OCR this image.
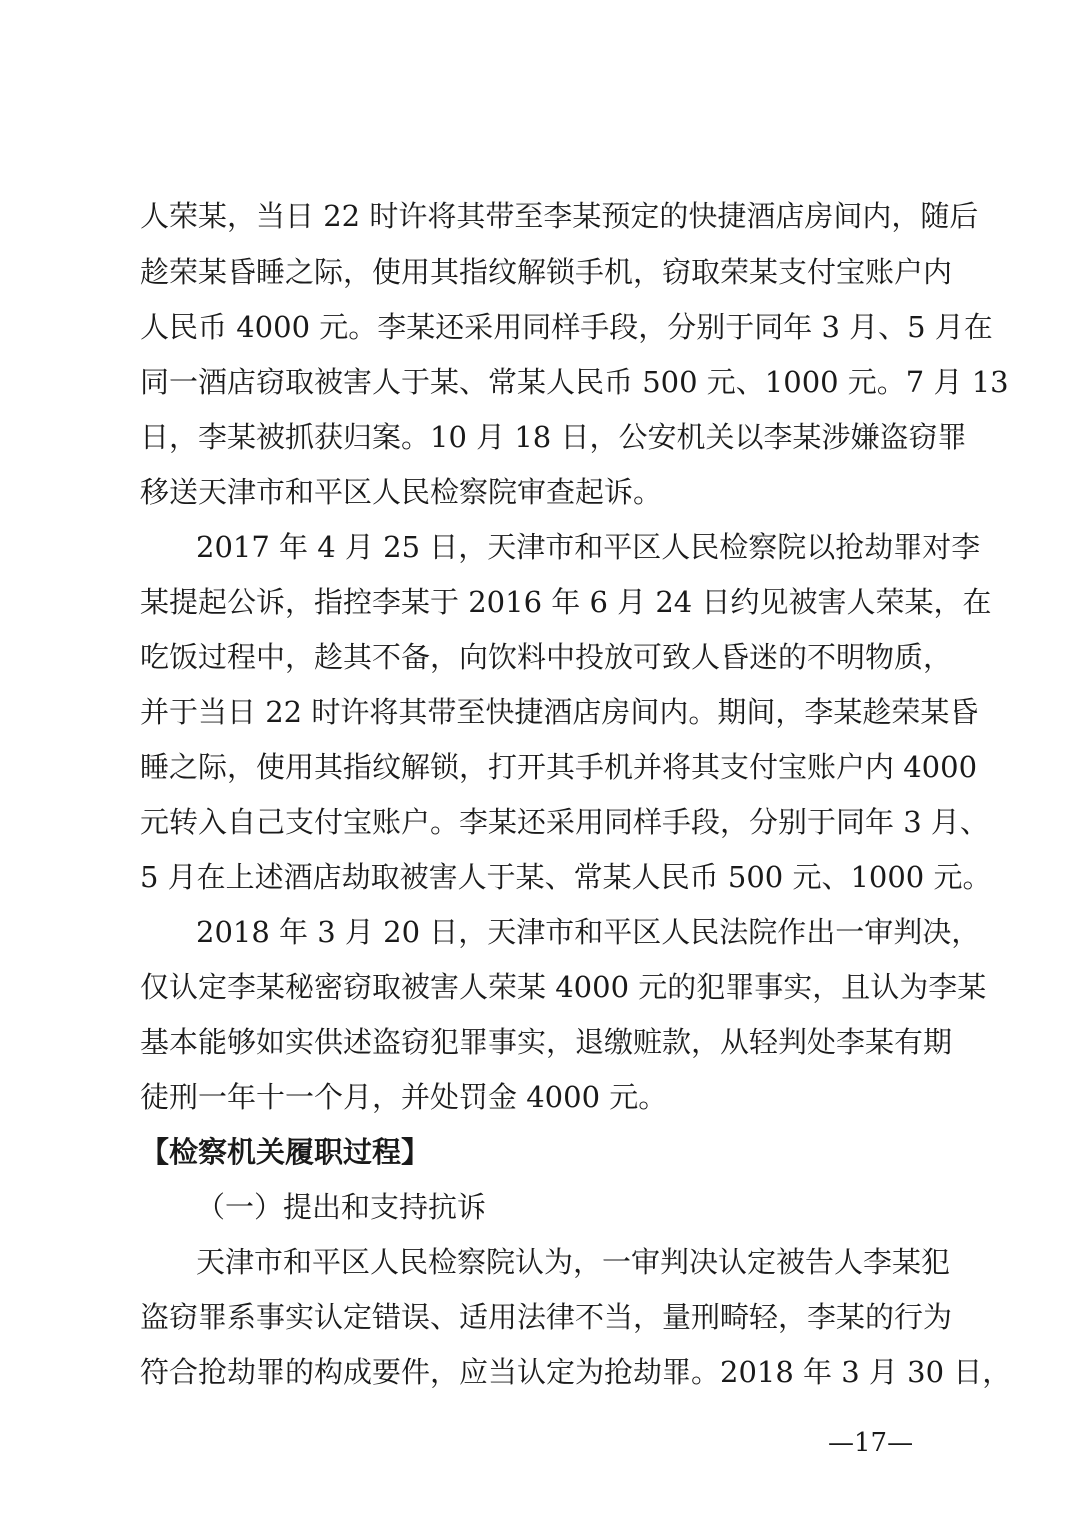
人荣某，当日 22 时许将其带至李某预定的快捷酒店房间内，随后
趁荣某昏睡之际，使用其指纹解锁手机，窃取荣某支付宝账户内
人民币 4000 元。李某还采用同样手段，分别于同年 3 月、5 月在
同一酒店窃取被害人于某、常某人民币 500 元、1000 元。7 月 13
日，李某被抓获归案。10 月 18 日，公安机关以李某涉嫌盗窃罪
移送天津市和平区人民检察院审查起诉。
2017 年 4 月 25 日，天津市和平区人民检察院以抢劫罪对李
某提起公诉，指控李某于 2016 年 6 月 24 日约见被害人荣某，在
吃饭过程中，趁其不备，向饮料中投放可致人昏迷的不明物质，
并于当日 22 时许将其带至快捷酒店房间内。期间，李某趁荣某昏
睡之际，使用其指纹解锁，打开其手机并将其支付宝账户内 4000
元转入自己支付宝账户。李某还采用同样手段，分别于同年 3 月、
5 月在上述酒店劫取被害人于某、常某人民币 500 元、1000 元。
2018 年 3 月 20 日，天津市和平区人民法院作出一审判决，
仅认定李某秘密窃取被害人荣某 4000 元的犯罪事实，且认为李某
基本能够如实供述盗窃犯罪事实，退缴赃款，从轻判处李某有期
徒刑一年十一个月，并处罚金 4000 元。
【检察机关履职过程】
（一）提出和支持抗诉
天津市和平区人民检察院认为，一审判决认定被告人李某犯
盗窃罪系事实认定错误、适用法律不当，量刑畸轻，李某的行为
符合抢劫罪的构成要件，应当认定为抢劫罪。2018 年 3 月 30 日，
—17—
